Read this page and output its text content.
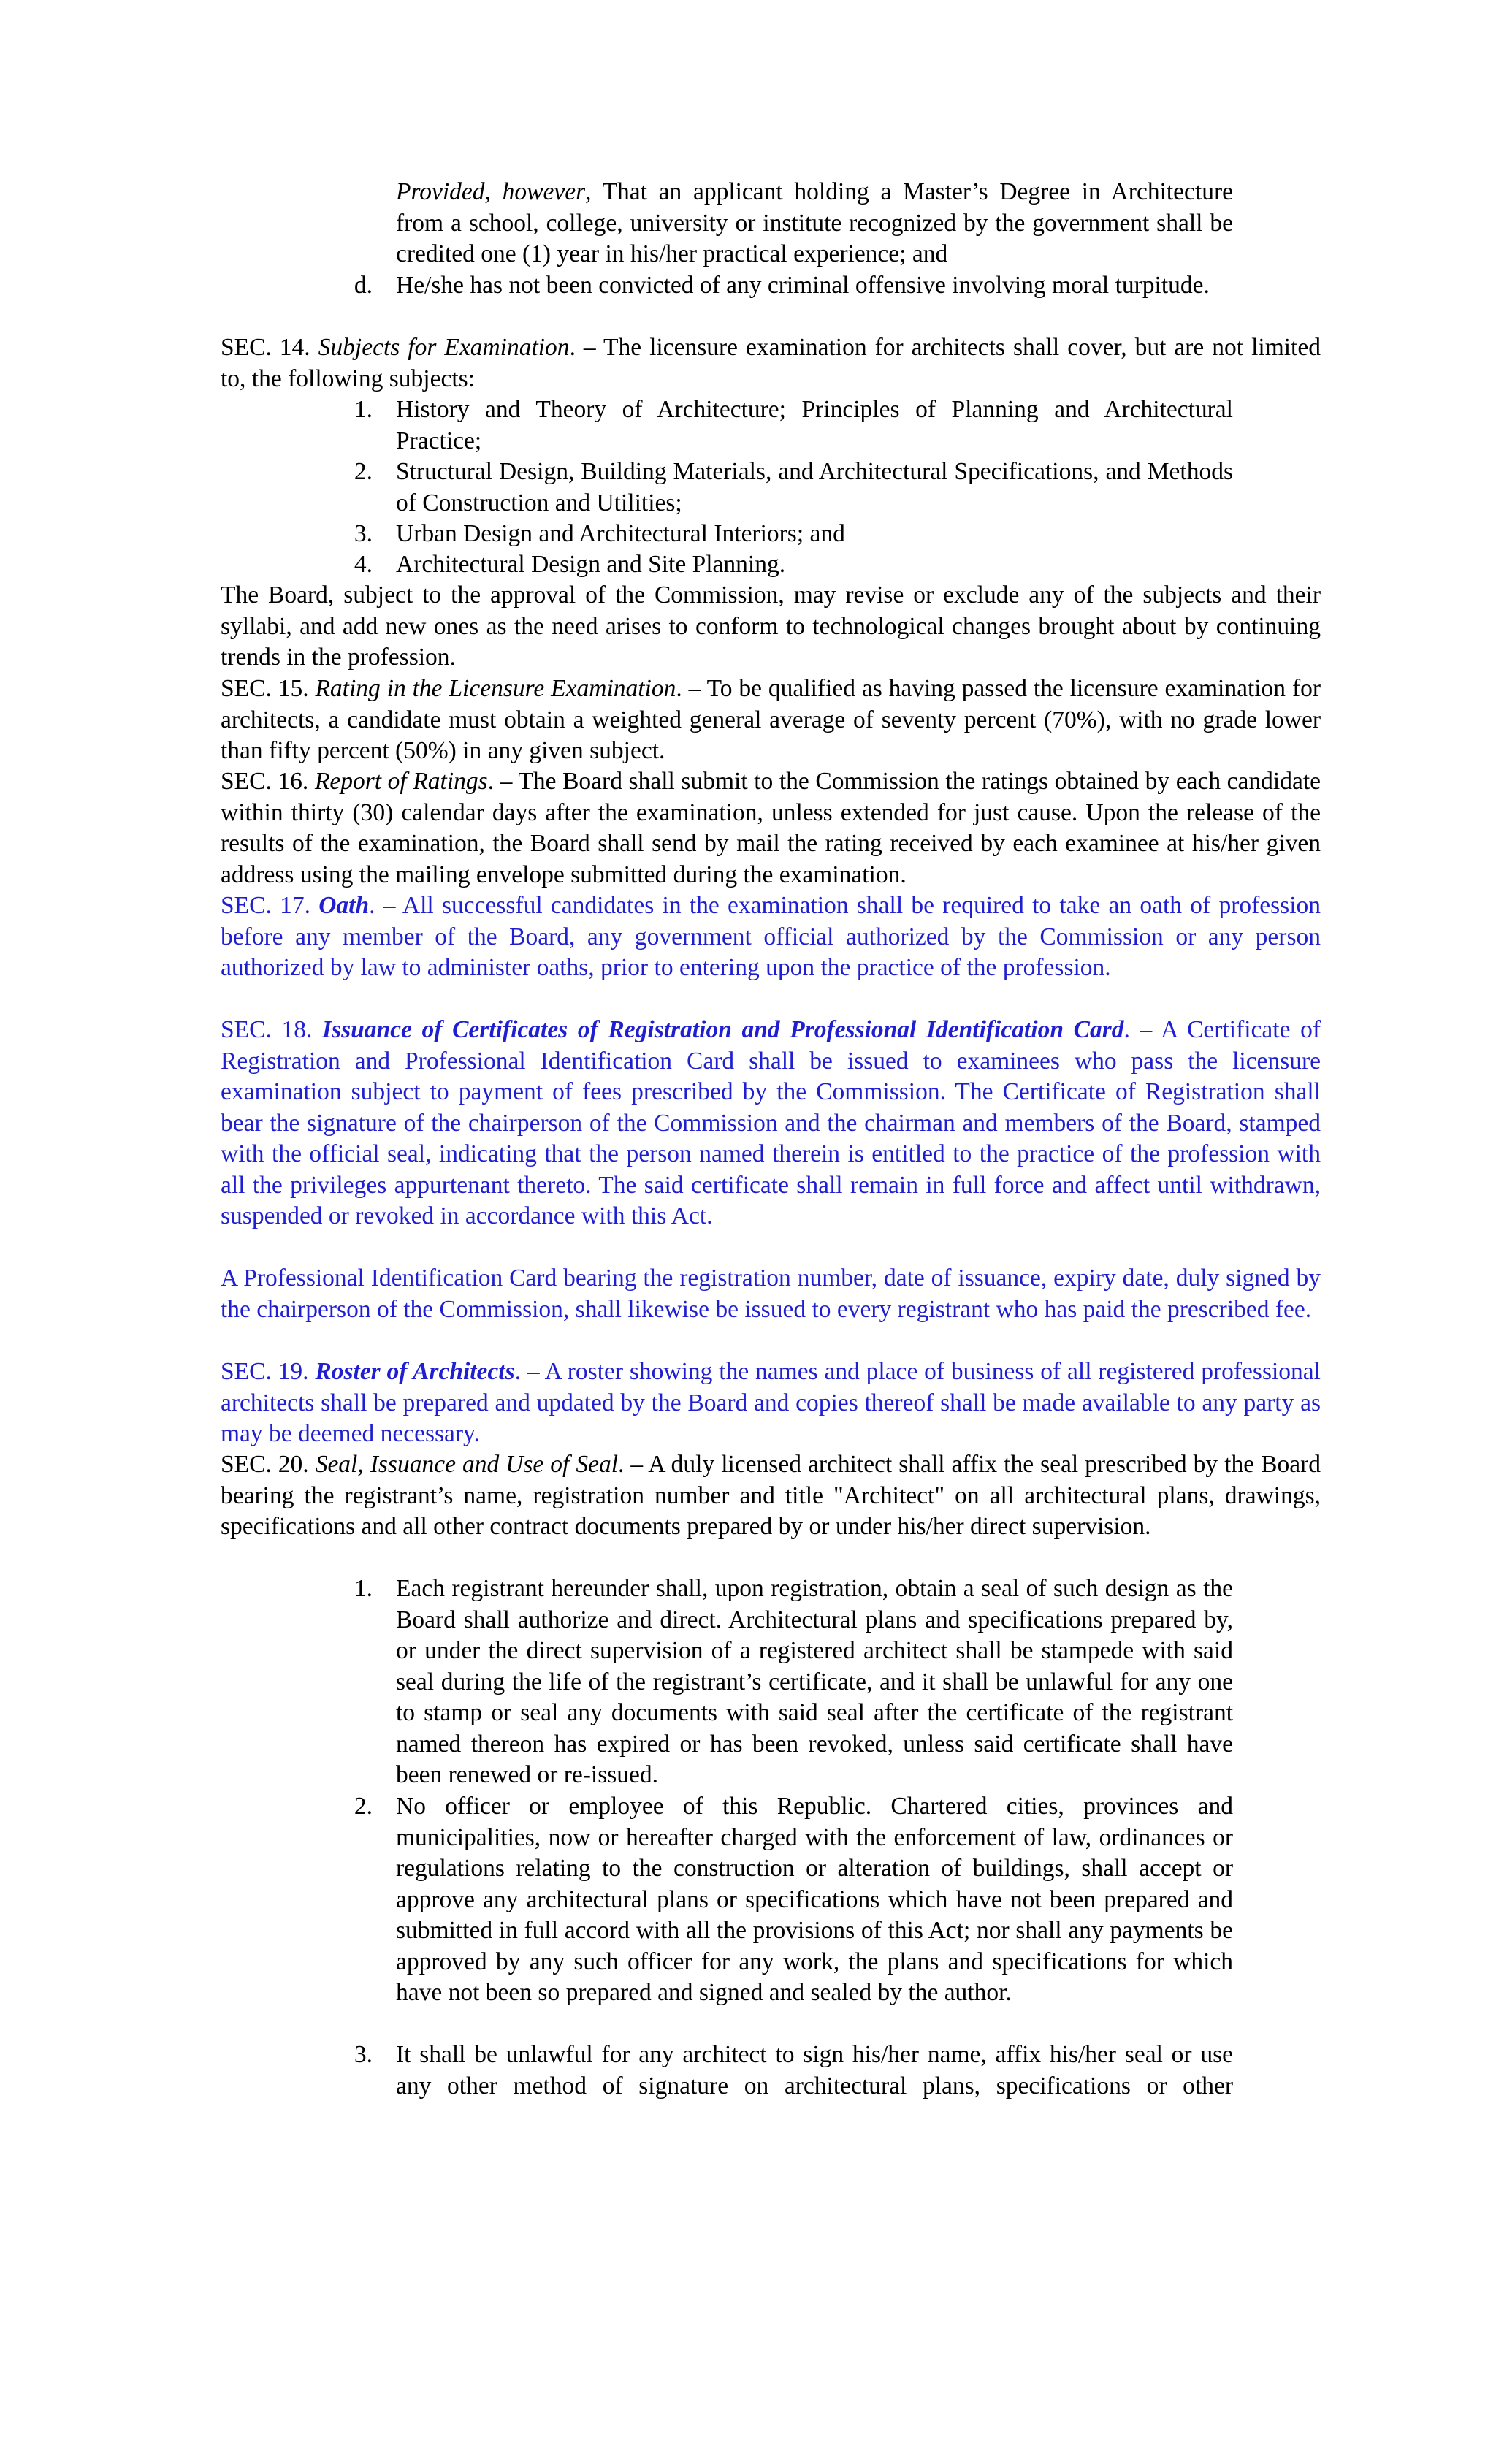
Provided, however, That an applicant holding a Master’s Degree in Architecture from a school, college, university or institute recognized by the government shall be credited one (1) year in his/her practical experience; and

d. He/she has not been convicted of any criminal offensive involving moral turpitude.

SEC. 14. Subjects for Examination. – The licensure examination for architects shall cover, but are not limited to, the following subjects:

1. History and Theory of Architecture; Principles of Planning and Architectural Practice;
2. Structural Design, Building Materials, and Architectural Specifications, and Methods of Construction and Utilities;
3. Urban Design and Architectural Interiors; and
4. Architectural Design and Site Planning.

The Board, subject to the approval of the Commission, may revise or exclude any of the subjects and their syllabi, and add new ones as the need arises to conform to technological changes brought about by continuing trends in the profession.

SEC. 15. Rating in the Licensure Examination. – To be qualified as having passed the licensure examination for architects, a candidate must obtain a weighted general average of seventy percent (70%), with no grade lower than fifty percent (50%) in any given subject.

SEC. 16. Report of Ratings. – The Board shall submit to the Commission the ratings obtained by each candidate within thirty (30) calendar days after the examination, unless extended for just cause. Upon the release of the results of the examination, the Board shall send by mail the rating received by each examinee at his/her given address using the mailing envelope submitted during the examination.

SEC. 17. Oath. – All successful candidates in the examination shall be required to take an oath of profession before any member of the Board, any government official authorized by the Commission or any person authorized by law to administer oaths, prior to entering upon the practice of the profession.

SEC. 18. Issuance of Certificates of Registration and Professional Identification Card. – A Certificate of Registration and Professional Identification Card shall be issued to examinees who pass the licensure examination subject to payment of fees prescribed by the Commission. The Certificate of Registration shall bear the signature of the chairperson of the Commission and the chairman and members of the Board, stamped with the official seal, indicating that the person named therein is entitled to the practice of the profession with all the privileges appurtenant thereto. The said certificate shall remain in full force and affect until withdrawn, suspended or revoked in accordance with this Act.

A Professional Identification Card bearing the registration number, date of issuance, expiry date, duly signed by the chairperson of the Commission, shall likewise be issued to every registrant who has paid the prescribed fee.

SEC. 19. Roster of Architects. – A roster showing the names and place of business of all registered professional architects shall be prepared and updated by the Board and copies thereof shall be made available to any party as may be deemed necessary.

SEC. 20. Seal, Issuance and Use of Seal. – A duly licensed architect shall affix the seal prescribed by the Board bearing the registrant’s name, registration number and title "Architect" on all architectural plans, drawings, specifications and all other contract documents prepared by or under his/her direct supervision.

1. Each registrant hereunder shall, upon registration, obtain a seal of such design as the Board shall authorize and direct. Architectural plans and specifications prepared by, or under the direct supervision of a registered architect shall be stampede with said seal during the life of the registrant’s certificate, and it shall be unlawful for any one to stamp or seal any documents with said seal after the certificate of the registrant named thereon has expired or has been revoked, unless said certificate shall have been renewed or re-issued.
2. No officer or employee of this Republic. Chartered cities, provinces and municipalities, now or hereafter charged with the enforcement of law, ordinances or regulations relating to the construction or alteration of buildings, shall accept or approve any architectural plans or specifications which have not been prepared and submitted in full accord with all the provisions of this Act; nor shall any payments be approved by any such officer for any work, the plans and specifications for which have not been so prepared and signed and sealed by the author.
3. It shall be unlawful for any architect to sign his/her name, affix his/her seal or use any other method of signature on architectural plans, specifications or other
